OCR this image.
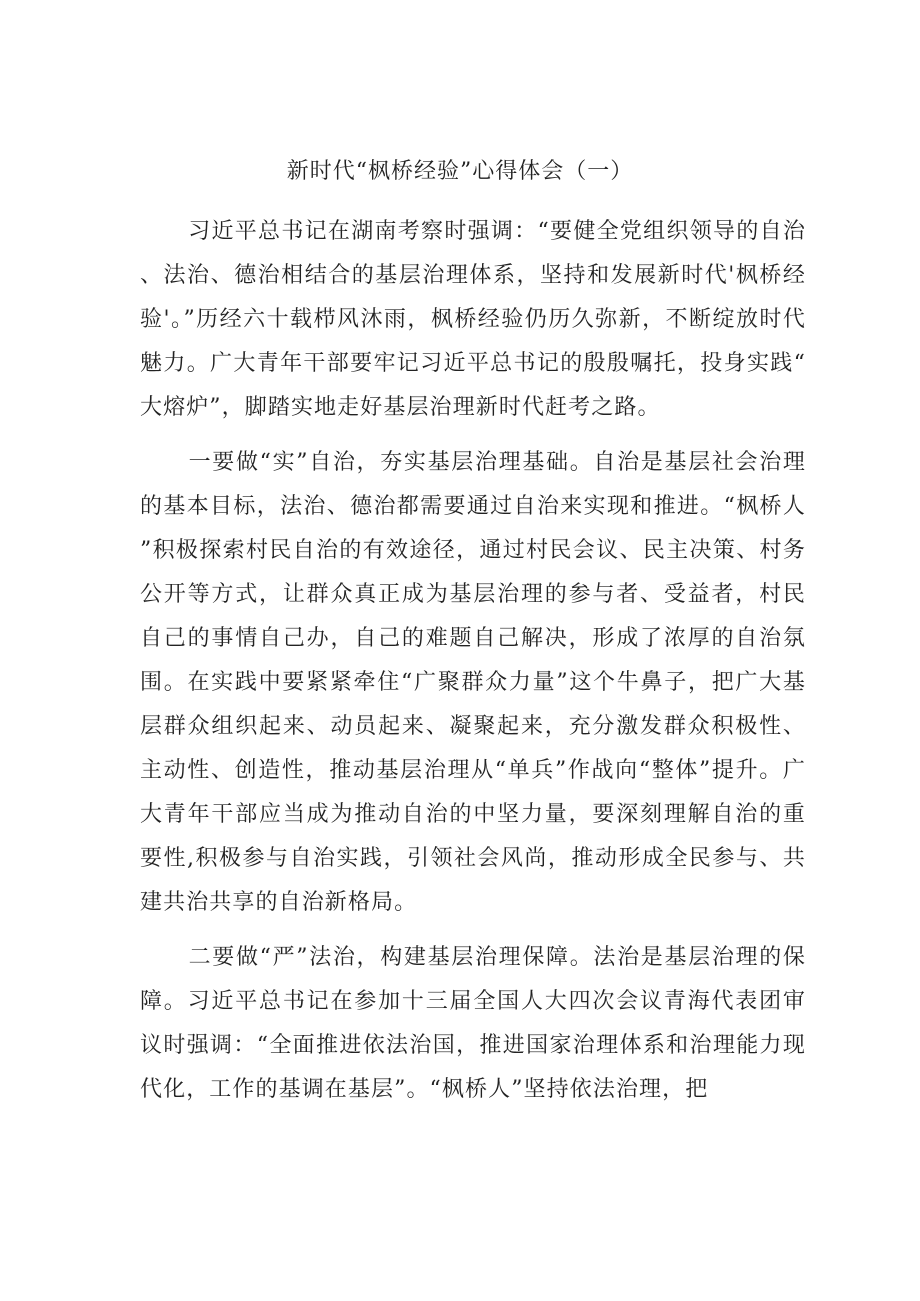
新时代“枫桥经验”心得体会（一）

习近平总书记在湖南考察时强调：“要健全党组织领导的自治、法治、德治相结合的基层治理体系，坚持和发展新时代'枫桥经验'。”历经六十载栉风沐雨，枫桥经验仍历久弥新，不断绽放时代魅力。广大青年干部要牢记习近平总书记的殷殷嘱托，投身实践“大熔炉”，脚踏实地走好基层治理新时代赶考之路。

一要做“实”自治，夯实基层治理基础。自治是基层社会治理的基本目标，法治、德治都需要通过自治来实现和推进。“枫桥人”积极探索村民自治的有效途径，通过村民会议、民主决策、村务公开等方式，让群众真正成为基层治理的参与者、受益者，村民自己的事情自己办，自己的难题自己解决，形成了浓厚的自治氛围。在实践中要紧紧牵住“广聚群众力量”这个牛鼻子，把广大基层群众组织起来、动员起来、凝聚起来，充分激发群众积极性、主动性、创造性，推动基层治理从“单兵”作战向“整体”提升。广大青年干部应当成为推动自治的中坚力量，要深刻理解自治的重要性,积极参与自治实践，引领社会风尚，推动形成全民参与、共建共治共享的自治新格局。

二要做“严”法治，构建基层治理保障。法治是基层治理的保障。习近平总书记在参加十三届全国人大四次会议青海代表团审议时强调：“全面推进依法治国，推进国家治理体系和治理能力现代化，工作的基调在基层”。“枫桥人”坚持依法治理，把
